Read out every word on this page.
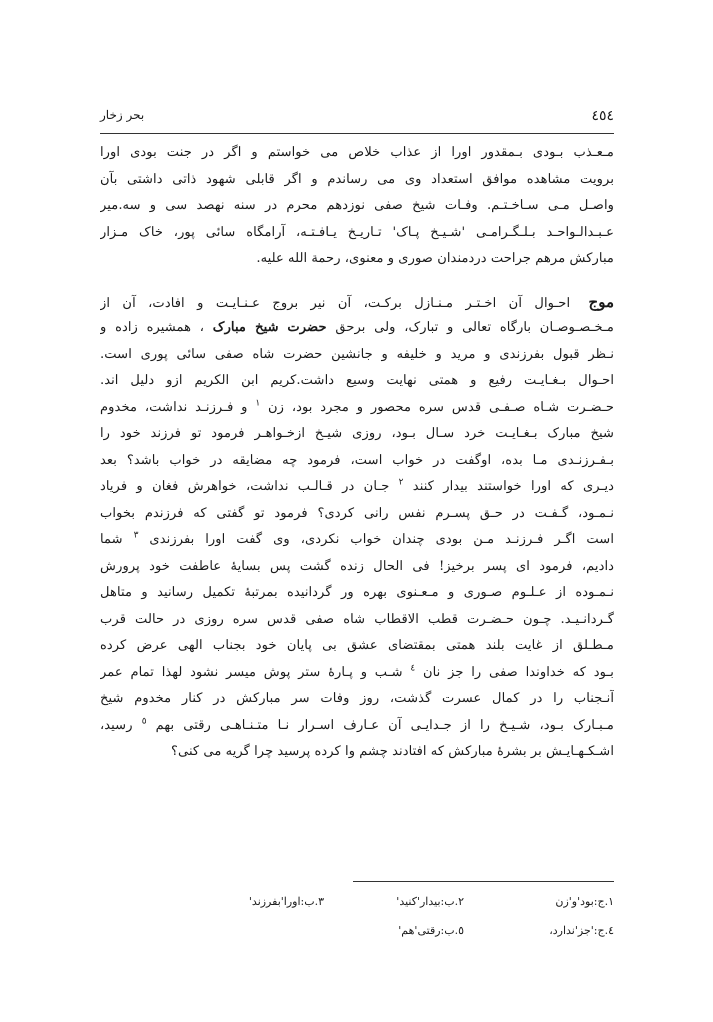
٤٥٤
بحر زخار
مـعـذب بـودی بـمقدور اورا از عذاب خلاص می خواستم و اگر در جنت بودی اورا
برویت مشاهده موافق استعداد وی می رساندم و اگر قابلی شهود ذاتی داشتی بآن
واصـل مـی سـاخـتـم. وفـات شیخ صفی نوزدهم محرم در سنه نهصد سی و سه.میر
عـبـدالـواحـد بـلـگـرامـی 'شـیـخ پـاک' تـاریـخ یـافـتـه، آرامگاه سائی پور، خاک مـزار
مبارکش مرهم جراحت دردمندان صوری و معنوی، رحمة الله علیه.
موج احـوال آن اخـتـر مـنـازل برکـت، آن نیر بروج عـنـایـت و افادت، آن از
مـخـصـوصـان بارگاه تعالی و تبارک، ولی برحق حضرت شیخ مبارک ، همشیره زاده و
نـظر قبول بفرزندی و مرید و خلیفه و جانشین حضرت شاه صفی سائی پوری است.
احـوال بـغـایـت رفیع و همتی نهایت وسیع داشت.کریم ابن الکریم ازو دلیل اند.
حـضـرت شـاه صـفـی قدس سره محصور و مجرد بود، زن $^١$ و فـرزنـد نداشت، مخدوم
شیخ مبارک بـغـایـت خرد سـال بـود، روزی شیـخ ازخـواهـر فرمود تو فرزند خود را
بـفـرزنـدی مـا بده، اوگفت در خواب است، فرمود چه مضایقه در خواب باشد؟ بعد
دیـری که اورا خواستند بیدار کنند $^٢$ جـان در قـالـب نداشت، خواهرش فغان و فریاد
نـمـود، گـفـت در حـق پسـرم نفس رانی کردی؟ فرمود تو گفتی که فرزندم بخواب
است اگـر فـرزنـد مـن بودی چندان خواب نکردی، وی گفت اورا بفرزندی $^٣$ شما
دادیم، فرمود ای پسر برخیز! فی الحال زنده گشت پس بسایهٔ عاطفت خود پرورش
نـمـوده از عـلـوم صـوری و مـعـنوی بهره ور گردانیده بمرتبهٔ تکمیل رسانید و متاهل
گـردانـیـد. چـون حـضـرت قطب الاقطاب شاه صفی قدس سره روزی در حالت قرب
مـطـلق از غایت بلند همتی بمقتضای عشق بی پایان خود بجناب الهی عرض کرده
بـود که خداوندا صفی را جز نان $^٤$ شـب و پـارهٔ ستر پوش میسر نشود لهذا تمام عمر
آنـجناب را در کمال عسرت گذشت، روز وفات سر مبارکش در کنار مخدوم شیخ
مـبـارک بـود، شـیـخ را از جـدایـی آن عـارف اسـرار نـا متـنـاهـی رقتی بهم $^٥$ رسید،
اشـکـهـایـش بر بشرهٔ مبارکش که افتادند چشم وا کرده پرسید چرا گریه می کنی؟
١.ج:بود'و'زن
٢.ب:بیدار'کنید'
٣.ب:اورا'بفرزند'
٤.ج:'جز'ندارد،
٥.ب:رقتی'هم'
